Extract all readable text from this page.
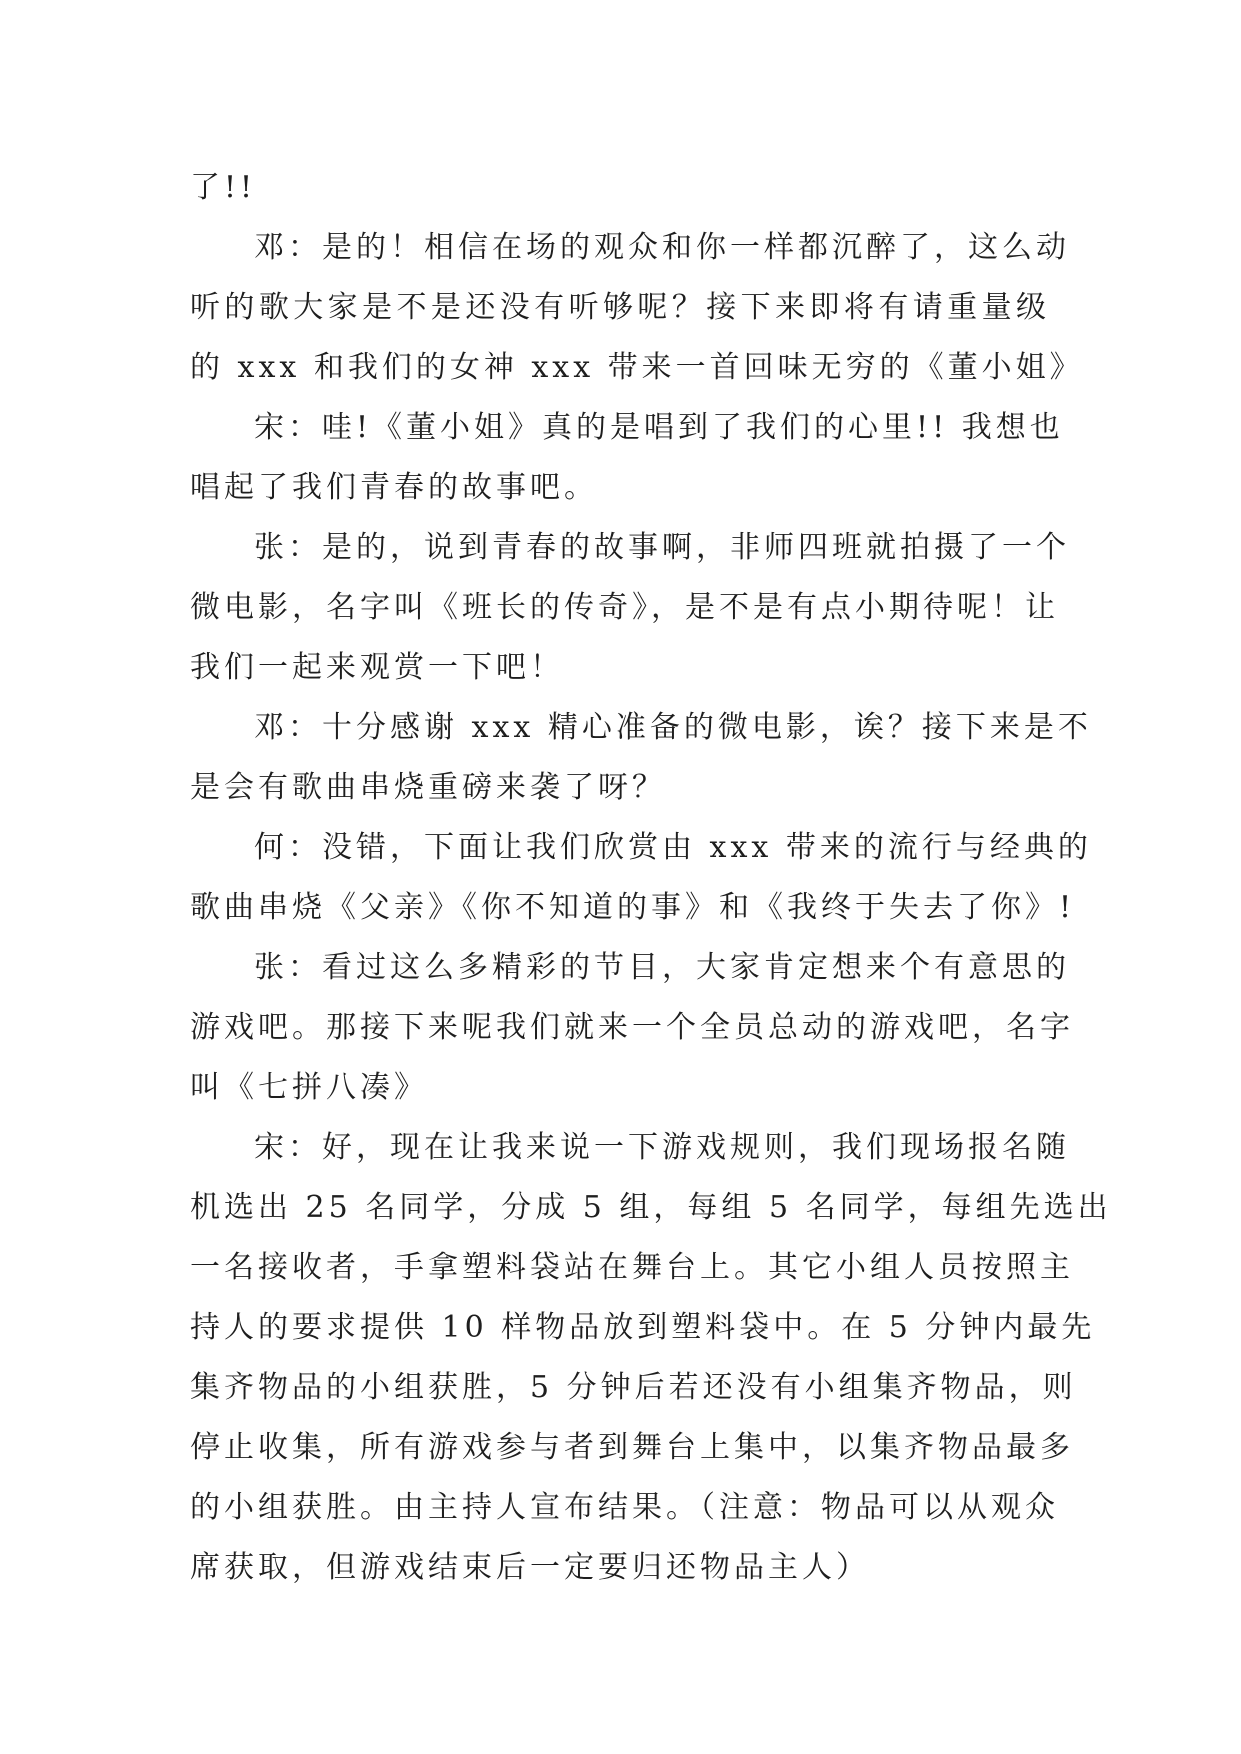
了!!
邓：是的！相信在场的观众和你一样都沉醉了，这么动
听的歌大家是不是还没有听够呢？接下来即将有请重量级
的 xxx 和我们的女神 xxx 带来一首回味无穷的《董小姐》
宋：哇!《董小姐》真的是唱到了我们的心里!! 我想也
唱起了我们青春的故事吧。
张：是的，说到青春的故事啊，非师四班就拍摄了一个
微电影，名字叫《班长的传奇》，是不是有点小期待呢！让
我们一起来观赏一下吧！
邓：十分感谢 xxx 精心准备的微电影，诶？接下来是不
是会有歌曲串烧重磅来袭了呀？
何：没错，下面让我们欣赏由 xxx 带来的流行与经典的
歌曲串烧《父亲》《你不知道的事》和《我终于失去了你》!
张：看过这么多精彩的节目，大家肯定想来个有意思的
游戏吧。那接下来呢我们就来一个全员总动的游戏吧，名字
叫《七拼八凑》
宋：好，现在让我来说一下游戏规则，我们现场报名随
机选出 25 名同学，分成 5 组，每组 5 名同学，每组先选出
一名接收者，手拿塑料袋站在舞台上。其它小组人员按照主
持人的要求提供 10 样物品放到塑料袋中。在 5 分钟内最先
集齐物品的小组获胜，5 分钟后若还没有小组集齐物品，则
停止收集，所有游戏参与者到舞台上集中，以集齐物品最多
的小组获胜。由主持人宣布结果。（注意：物品可以从观众
席获取，但游戏结束后一定要归还物品主人）
